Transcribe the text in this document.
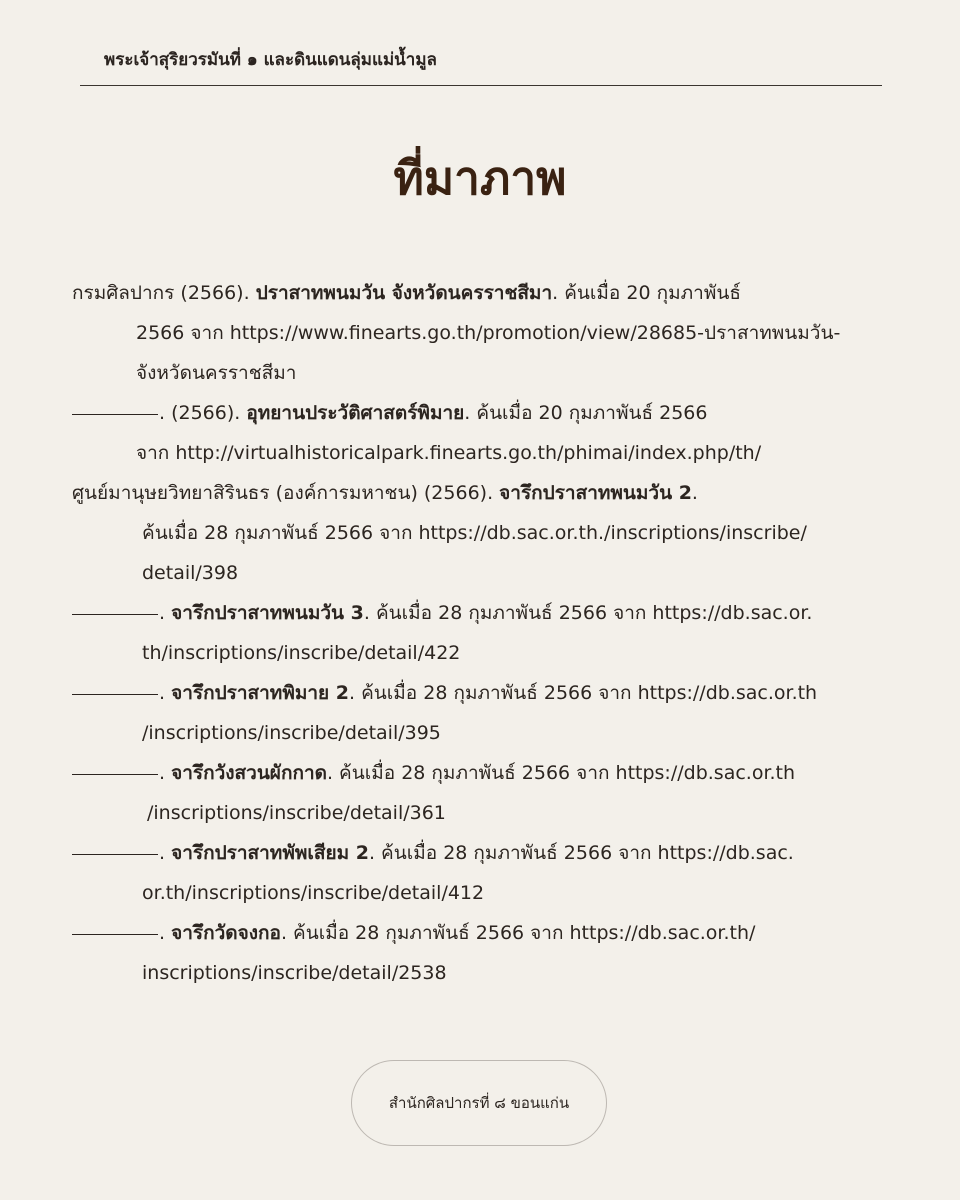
พระเจ้าสุริยวรมันที่ ๑ และดินแดนลุ่มแม่น้ำมูล
ที่มาภาพ
กรมศิลปากร (2566). ปราสาทพนมวัน จังหวัดนครราชสีมา. ค้นเมื่อ 20 กุมภาพันธ์
2566 จาก https://www.finearts.go.th/promotion/view/28685-ปราสาทพนมวัน-
จังหวัดนครราชสีมา
. (2566). อุทยานประวัติศาสตร์พิมาย. ค้นเมื่อ 20 กุมภาพันธ์ 2566
จาก http://virtualhistoricalpark.finearts.go.th/phimai/index.php/th/
ศูนย์มานุษยวิทยาสิรินธร (องค์การมหาชน) (2566). จารึกปราสาทพนมวัน 2.
ค้นเมื่อ 28 กุมภาพันธ์ 2566 จาก https://db.sac.or.th./inscriptions/inscribe/
detail/398
. จารึกปราสาทพนมวัน 3. ค้นเมื่อ 28 กุมภาพันธ์ 2566 จาก https://db.sac.or.
th/inscriptions/inscribe/detail/422
. จารึกปราสาทพิมาย 2. ค้นเมื่อ 28 กุมภาพันธ์ 2566 จาก https://db.sac.or.th
/inscriptions/inscribe/detail/395
. จารึกวังสวนผักกาด. ค้นเมื่อ 28 กุมภาพันธ์ 2566 จาก https://db.sac.or.th
/inscriptions/inscribe/detail/361
. จารึกปราสาทพัพเสียม 2. ค้นเมื่อ 28 กุมภาพันธ์ 2566 จาก https://db.sac.
or.th/inscriptions/inscribe/detail/412
. จารึกวัดจงกอ. ค้นเมื่อ 28 กุมภาพันธ์ 2566 จาก https://db.sac.or.th/
inscriptions/inscribe/detail/2538
สำนักศิลปากรที่ ๘ ขอนแก่น
